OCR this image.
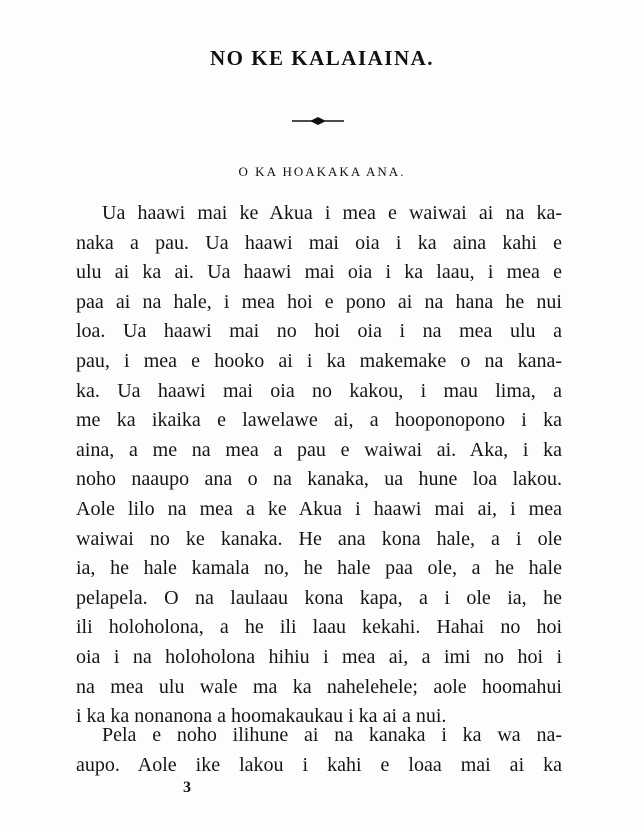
NO KE KALAIAINA.
O KA HOAKAKA ANA.
Ua haawi mai ke Akua i mea e waiwai ai na ka-
naka a pau. Ua haawi mai oia i ka aina kahi e
ulu ai ka ai. Ua haawi mai oia i ka laau, i mea e
paa ai na hale, i mea hoi e pono ai na hana he nui
loa. Ua haawi mai no hoi oia i na mea ulu a
pau, i mea e hooko ai i ka makemake o na kana-
ka. Ua haawi mai oia no kakou, i mau lima, a
me ka ikaika e lawelawe ai, a hooponopono i ka
aina, a me na mea a pau e waiwai ai. Aka, i ka
noho naaupo ana o na kanaka, ua hune loa lakou.
Aole lilo na mea a ke Akua i haawi mai ai, i mea
waiwai no ke kanaka. He ana kona hale, a i ole
ia, he hale kamala no, he hale paa ole, a he hale
pelapela. O na laulaau kona kapa, a i ole ia, he
ili holoholona, a he ili laau kekahi. Hahai no hoi
oia i na holoholona hihiu i mea ai, a imi no hoi i
na mea ulu wale ma ka nahelehele; aole hoomahui
i ka ka nonanona a hoomakaukau i ka ai a nui.
Pela e noho ilihune ai na kanaka i ka wa na-
aupo. Aole ike lakou i kahi e loaa mai ai ka
3
